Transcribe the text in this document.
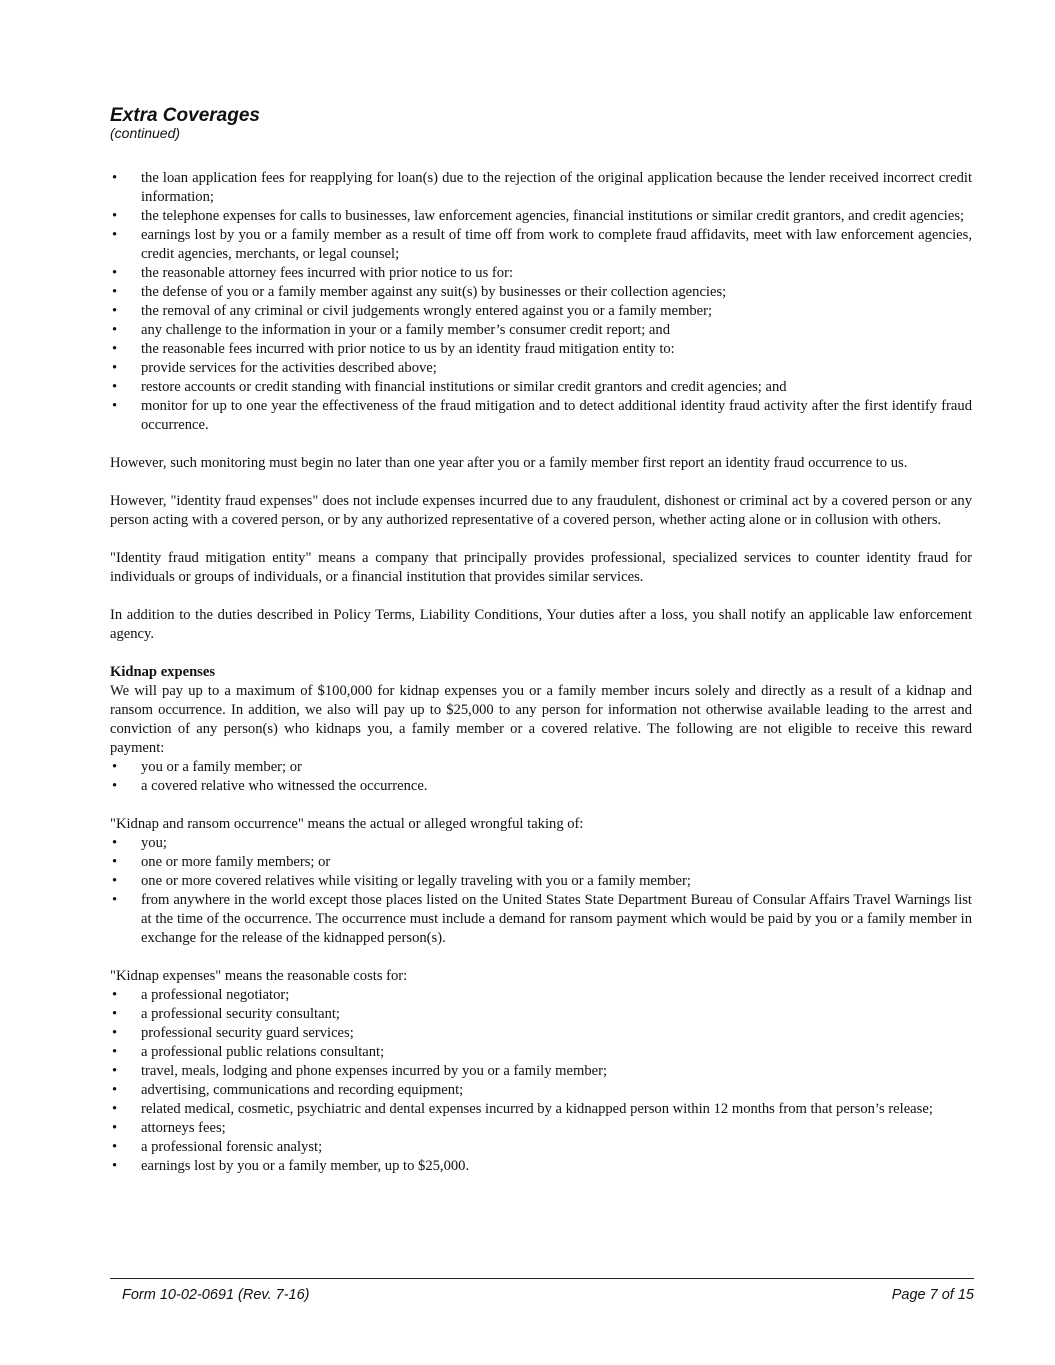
Extra Coverages
(continued)
• the loan application fees for reapplying for loan(s) due to the rejection of the original application because the lender received incorrect credit information;
• the telephone expenses for calls to businesses, law enforcement agencies, financial institutions or similar credit grantors, and credit agencies;
• earnings lost by you or a family member as a result of time off from work to complete fraud affidavits, meet with law enforcement agencies, credit agencies, merchants, or legal counsel;
• the reasonable attorney fees incurred with prior notice to us for:
• the defense of you or a family member against any suit(s) by businesses or their collection agencies;
• the removal of any criminal or civil judgements wrongly entered against you or a family member;
• any challenge to the information in your or a family member’s consumer credit report; and
• the reasonable fees incurred with prior notice to us by an identity fraud mitigation entity to:
• provide services for the activities described above;
• restore accounts or credit standing with financial institutions or similar credit grantors and credit agencies; and
• monitor for up to one year the effectiveness of the fraud mitigation and to detect additional identity fraud activity after the first identify fraud occurrence.

However, such monitoring must begin no later than one year after you or a family member first report an identity fraud occurrence to us.

However, "identity fraud expenses" does not include expenses incurred due to any fraudulent, dishonest or criminal act by a covered person or any person acting with a covered person, or by any authorized representative of a covered person, whether acting alone or in collusion with others.

"Identity fraud mitigation entity" means a company that principally provides professional, specialized services to counter identity fraud for individuals or groups of individuals, or a financial institution that provides similar services.

In addition to the duties described in Policy Terms, Liability Conditions, Your duties after a loss, you shall notify an applicable law enforcement agency.

Kidnap expenses

We will pay up to a maximum of $100,000 for kidnap expenses you or a family member incurs solely and directly as a result of a kidnap and ransom occurrence. In addition, we also will pay up to $25,000 to any person for information not otherwise available leading to the arrest and conviction of any person(s) who kidnaps you, a family member or a covered relative. The following are not eligible to receive this reward payment:

• you or a family member; or
• a covered relative who witnessed the occurrence.

"Kidnap and ransom occurrence" means the actual or alleged wrongful taking of:

• you;
• one or more family members; or
• one or more covered relatives while visiting or legally traveling with you or a family member;
• from anywhere in the world except those places listed on the United States State Department Bureau of Consular Affairs Travel Warnings list at the time of the occurrence. The occurrence must include a demand for ransom payment which would be paid by you or a family member in exchange for the release of the kidnapped person(s).

"Kidnap expenses" means the reasonable costs for:

• a professional negotiator;
• a professional security consultant;
• professional security guard services;
• a professional public relations consultant;
• travel, meals, lodging and phone expenses incurred by you or a family member;
• advertising, communications and recording equipment;
• related medical, cosmetic, psychiatric and dental expenses incurred by a kidnapped person within 12 months from that person’s release;
• attorneys fees;
• a professional forensic analyst;
• earnings lost by you or a family member, up to $25,000.
Form 10-02-0691 (Rev. 7-16)	Page 7 of 15
